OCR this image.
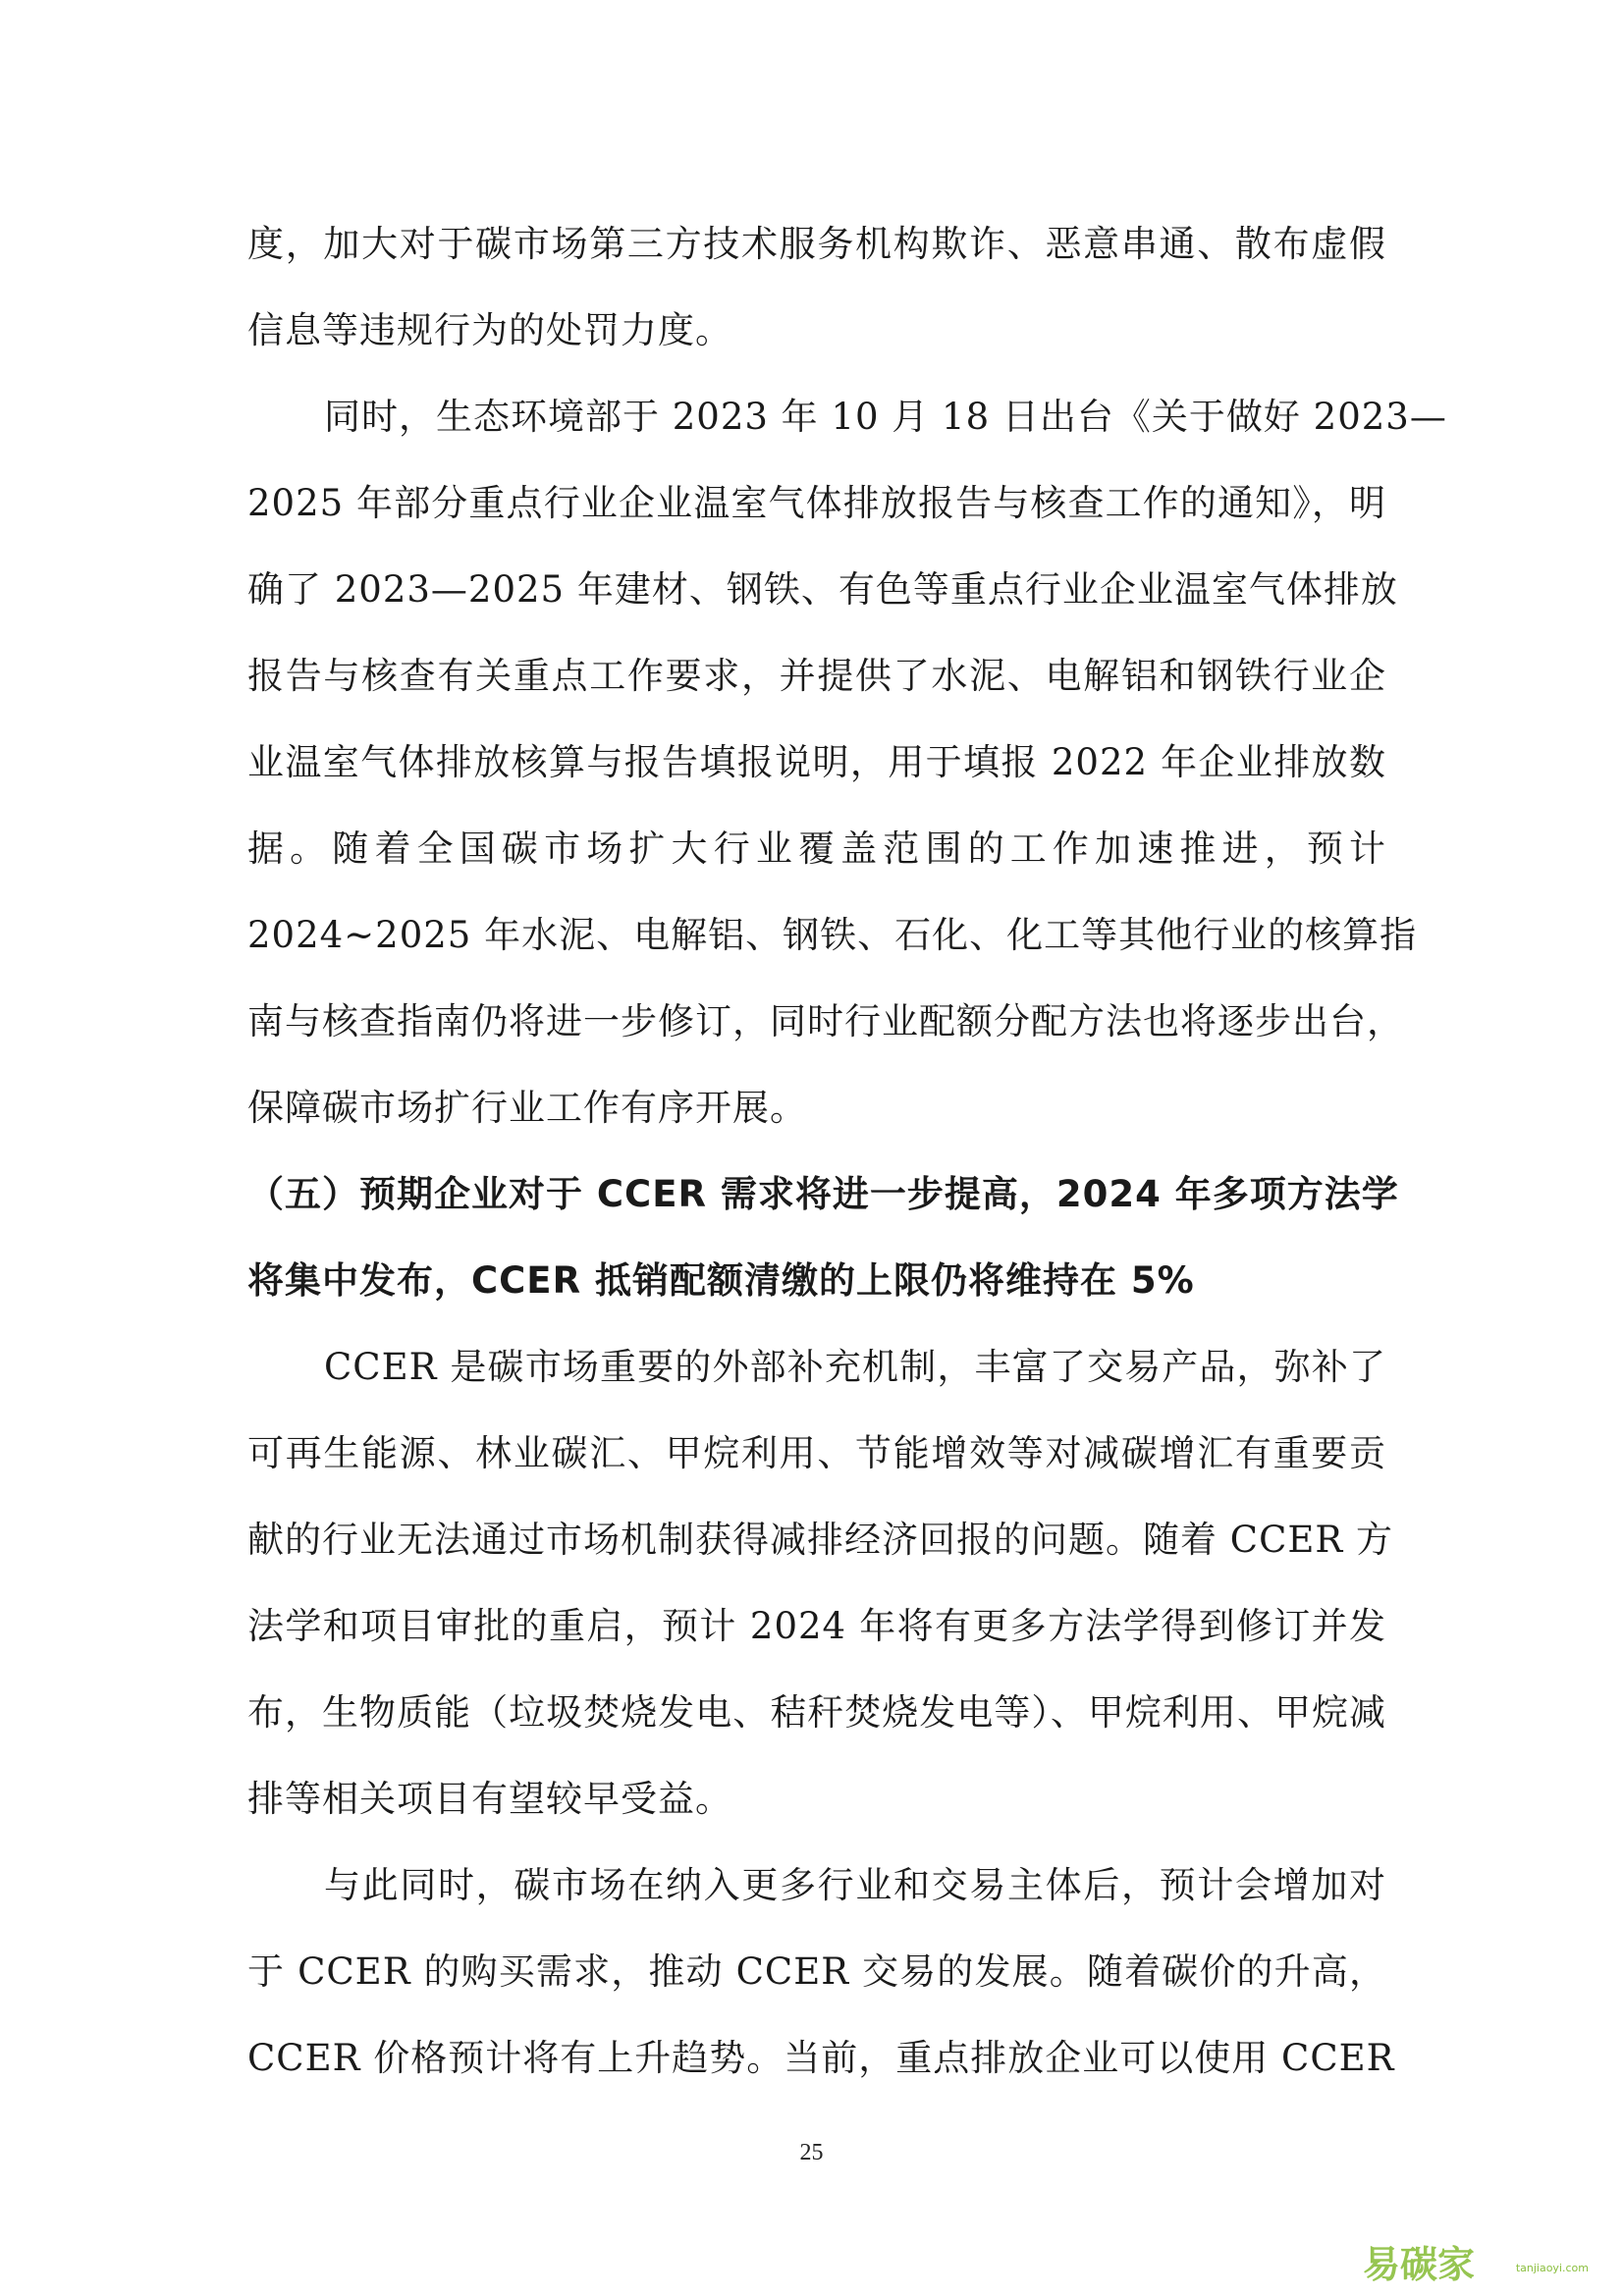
度，加大对于碳市场第三方技术服务机构欺诈、恶意串通、散布虚假
信息等违规行为的处罚力度。
同时，生态环境部于 2023 年 10 月 18 日出台《关于做好 2023—
2025 年部分重点行业企业温室气体排放报告与核查工作的通知》，明
确了 2023—2025 年建材、钢铁、有色等重点行业企业温室气体排放
报告与核查有关重点工作要求，并提供了水泥、电解铝和钢铁行业企
业温室气体排放核算与报告填报说明，用于填报 2022 年企业排放数
据。随着全国碳市场扩大行业覆盖范围的工作加速推进，预计
2024~2025 年水泥、电解铝、钢铁、石化、化工等其他行业的核算指
南与核查指南仍将进一步修订，同时行业配额分配方法也将逐步出台，
保障碳市场扩行业工作有序开展。
（五）预期企业对于 CCER 需求将进一步提高，2024 年多项方法学
将集中发布，CCER 抵销配额清缴的上限仍将维持在 5%
CCER 是碳市场重要的外部补充机制，丰富了交易产品，弥补了
可再生能源、林业碳汇、甲烷利用、节能增效等对减碳增汇有重要贡
献的行业无法通过市场机制获得减排经济回报的问题。随着 CCER 方
法学和项目审批的重启，预计 2024 年将有更多方法学得到修订并发
布，生物质能（垃圾焚烧发电、秸秆焚烧发电等）、甲烷利用、甲烷减
排等相关项目有望较早受益。
与此同时，碳市场在纳入更多行业和交易主体后，预计会增加对
于 CCER 的购买需求，推动 CCER 交易的发展。随着碳价的升高，
CCER 价格预计将有上升趋势。当前，重点排放企业可以使用 CCER
25
易碳家	tanjiaoyi.com
